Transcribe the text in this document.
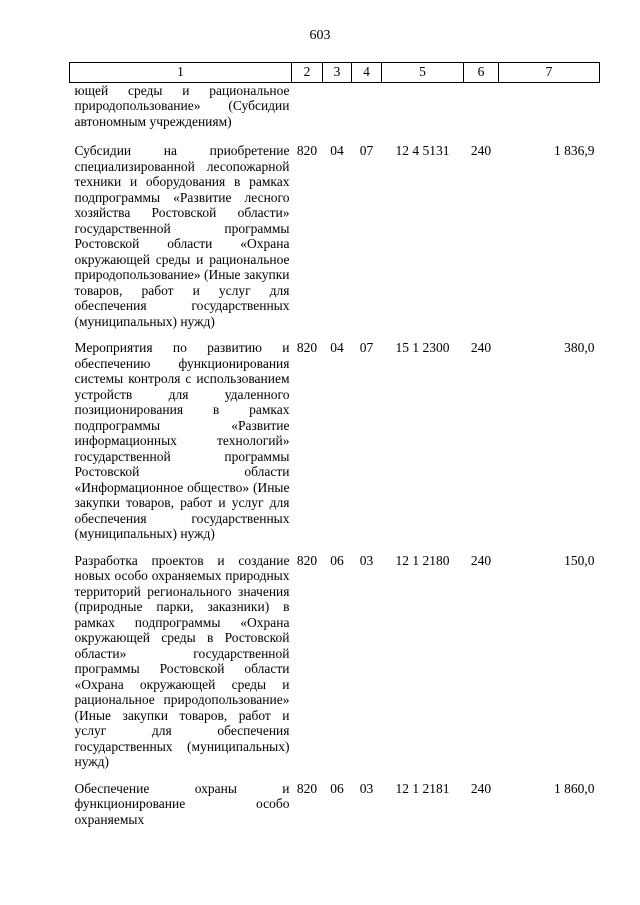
603
1	2	3	4	5	6	7
ющей среды и рациональное природопользование» (Субсидии автономным учреждениям)						
Субсидии на приобретение специализированной лесопожарной техники и оборудования в рамках подпрограммы «Развитие лесного хозяйства Ростовской области» государственной программы Ростовской области «Охрана окружающей среды и рациональное природопользование» (Иные закупки товаров, работ и услуг для обеспечения государственных (муниципальных) нужд)	820	04	07	12 4 5131	240	1 836,9
Мероприятия по развитию и обеспечению функционирования системы контроля с использованием устройств для удаленного позиционирования в рамках подпрограммы «Развитие информационных технологий» государственной программы Ростовской области «Информационное общество» (Иные закупки товаров, работ и услуг для обеспечения государственных (муниципальных) нужд)	820	04	07	15 1 2300	240	380,0
Разработка проектов и создание новых особо охраняемых природных территорий регионального значения (природные парки, заказники) в рамках подпрограммы «Охрана окружающей среды в Ростовской области» государственной программы Ростовской области «Охрана окружающей среды и рациональное природопользование» (Иные закупки товаров, работ и услуг для обеспечения государственных (муниципальных) нужд)	820	06	03	12 1 2180	240	150,0
Обеспечение охраны и функционирование особо охраняемых	820	06	03	12 1 2181	240	1 860,0
